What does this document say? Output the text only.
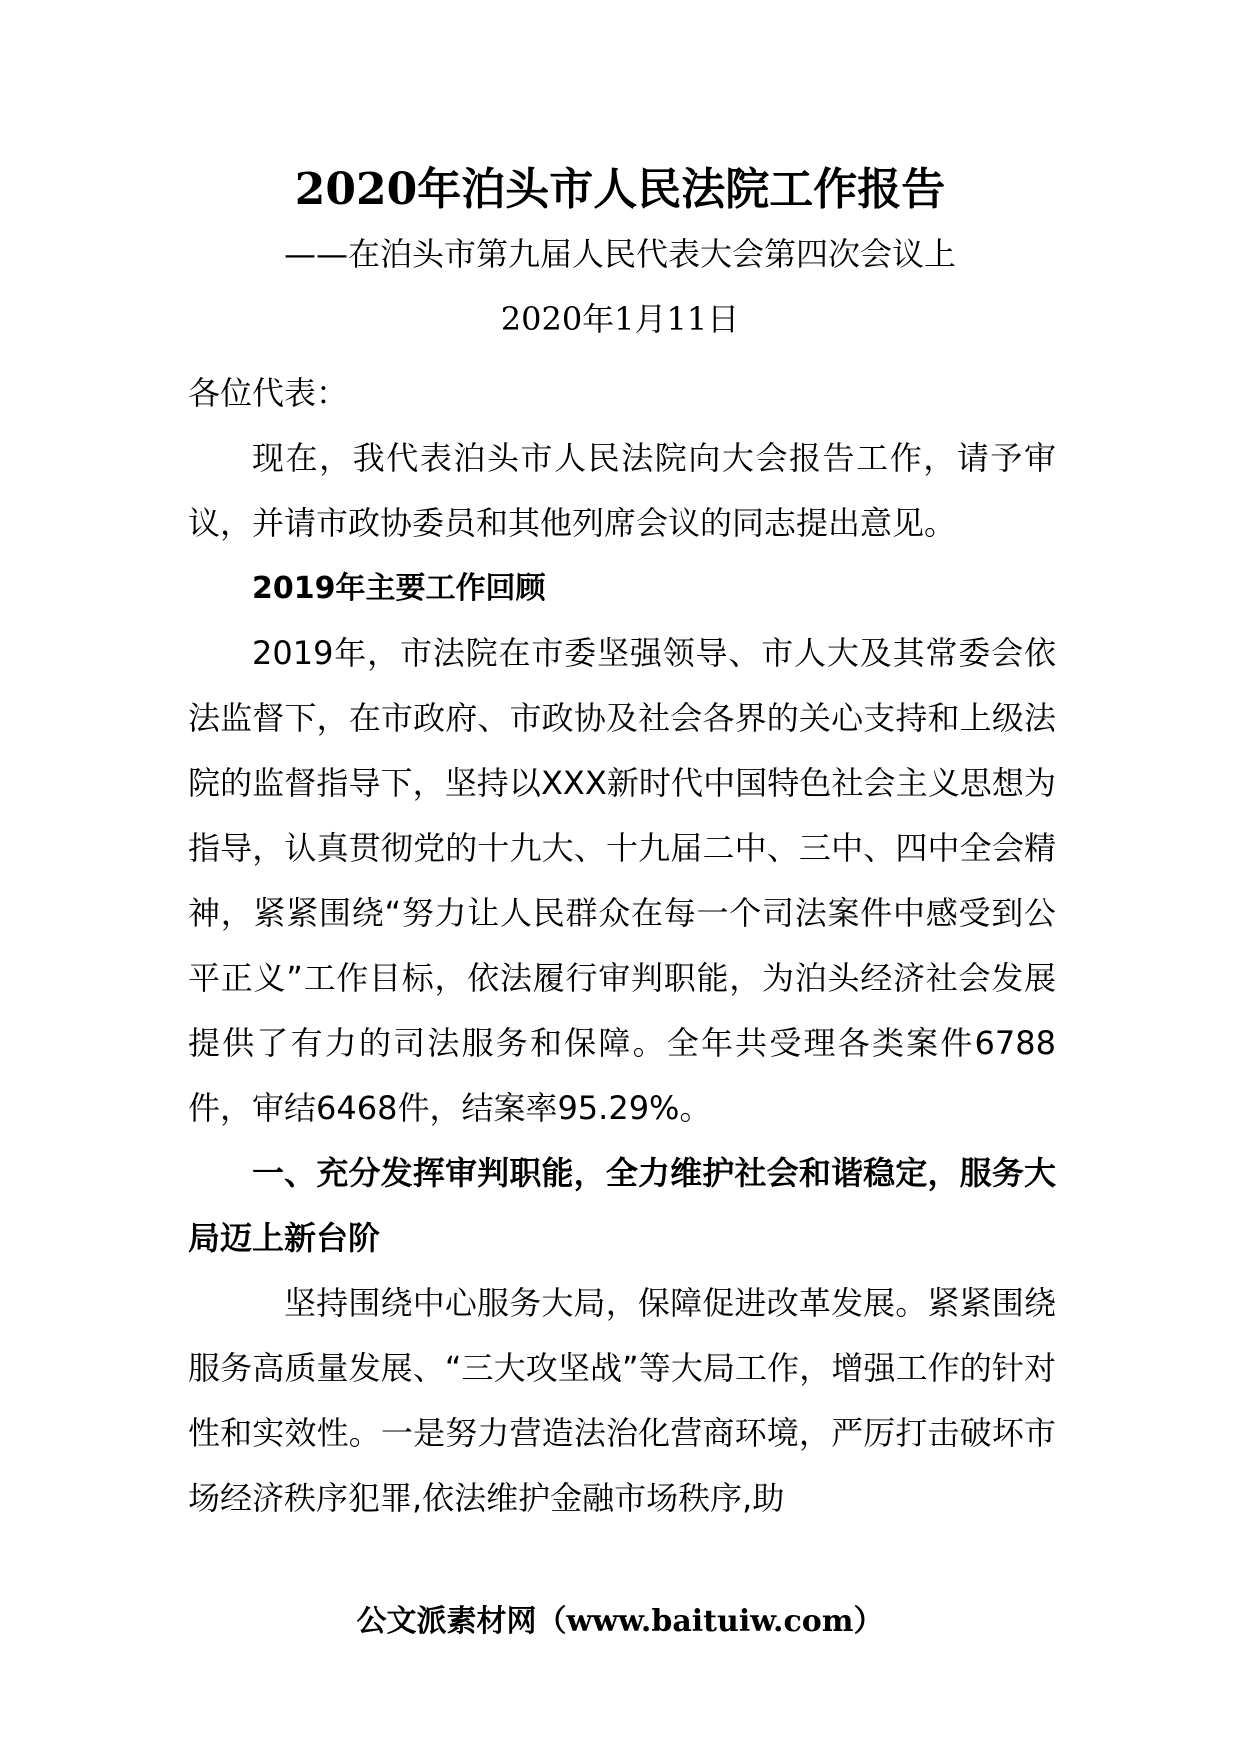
2020年泊头市人民法院工作报告
——在泊头市第九届人民代表大会第四次会议上
2020年1月11日

各位代表：

现在，我代表泊头市人民法院向大会报告工作，请予审议，并请市政协委员和其他列席会议的同志提出意见。

2019年主要工作回顾

2019年，市法院在市委坚强领导、市人大及其常委会依法监督下，在市政府、市政协及社会各界的关心支持和上级法院的监督指导下，坚持以XXX新时代中国特色社会主义思想为指导，认真贯彻党的十九大、十九届二中、三中、四中全会精神，紧紧围绕“努力让人民群众在每一个司法案件中感受到公平正义”工作目标，依法履行审判职能，为泊头经济社会发展提供了有力的司法服务和保障。全年共受理各类案件6788件，审结6468件，结案率95.29%。

一、充分发挥审判职能，全力维护社会和谐稳定，服务大局迈上新台阶

坚持围绕中心服务大局，保障促进改革发展。紧紧围绕服务高质量发展、“三大攻坚战”等大局工作，增强工作的针对性和实效性。一是努力营造法治化营商环境，严厉打击破坏市场经济秩序犯罪,依法维护金融市场秩序,助

公文派素材网（www.baituiw.com）
